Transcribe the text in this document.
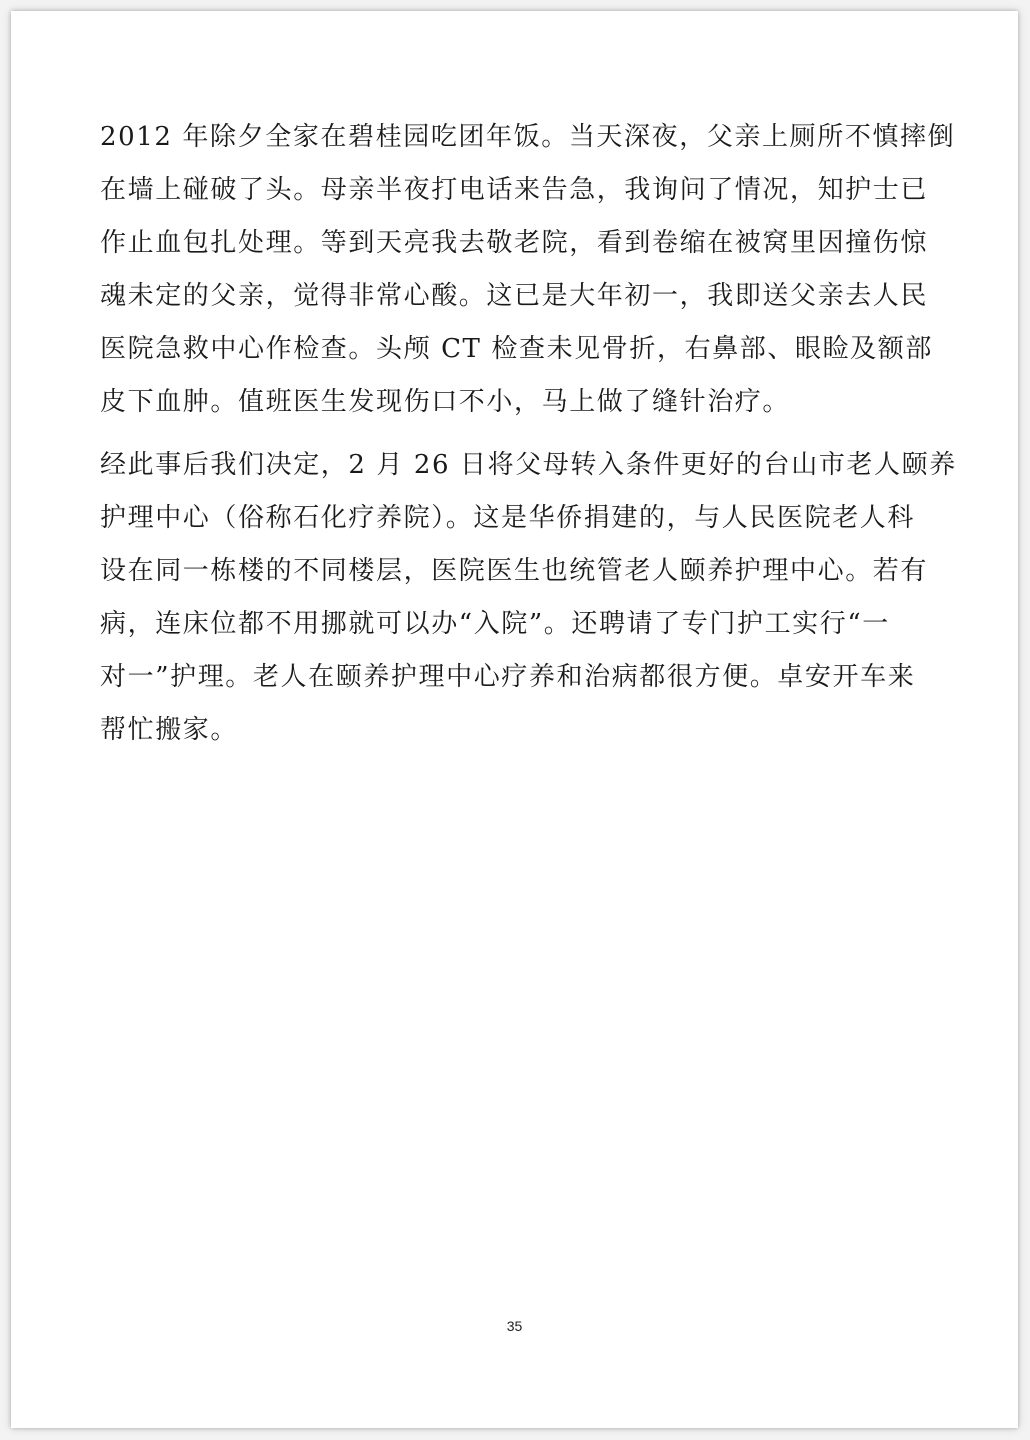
2012 年除夕全家在碧桂园吃团年饭。当天深夜，父亲上厕所不慎摔倒
在墙上碰破了头。母亲半夜打电话来告急，我询问了情况，知护士已
作止血包扎处理。等到天亮我去敬老院，看到卷缩在被窝里因撞伤惊
魂未定的父亲，觉得非常心酸。这已是大年初一，我即送父亲去人民
医院急救中心作检查。头颅 CT 检查未见骨折，右鼻部、眼睑及额部
皮下血肿。值班医生发现伤口不小，马上做了缝针治疗。
经此事后我们决定，2 月 26 日将父母转入条件更好的台山市老人颐养
护理中心（俗称石化疗养院）。这是华侨捐建的，与人民医院老人科
设在同一栋楼的不同楼层，医院医生也统管老人颐养护理中心。若有
病，连床位都不用挪就可以办“入院”。还聘请了专门护工实行“一
对一”护理。老人在颐养护理中心疗养和治病都很方便。卓安开车来
帮忙搬家。
35
